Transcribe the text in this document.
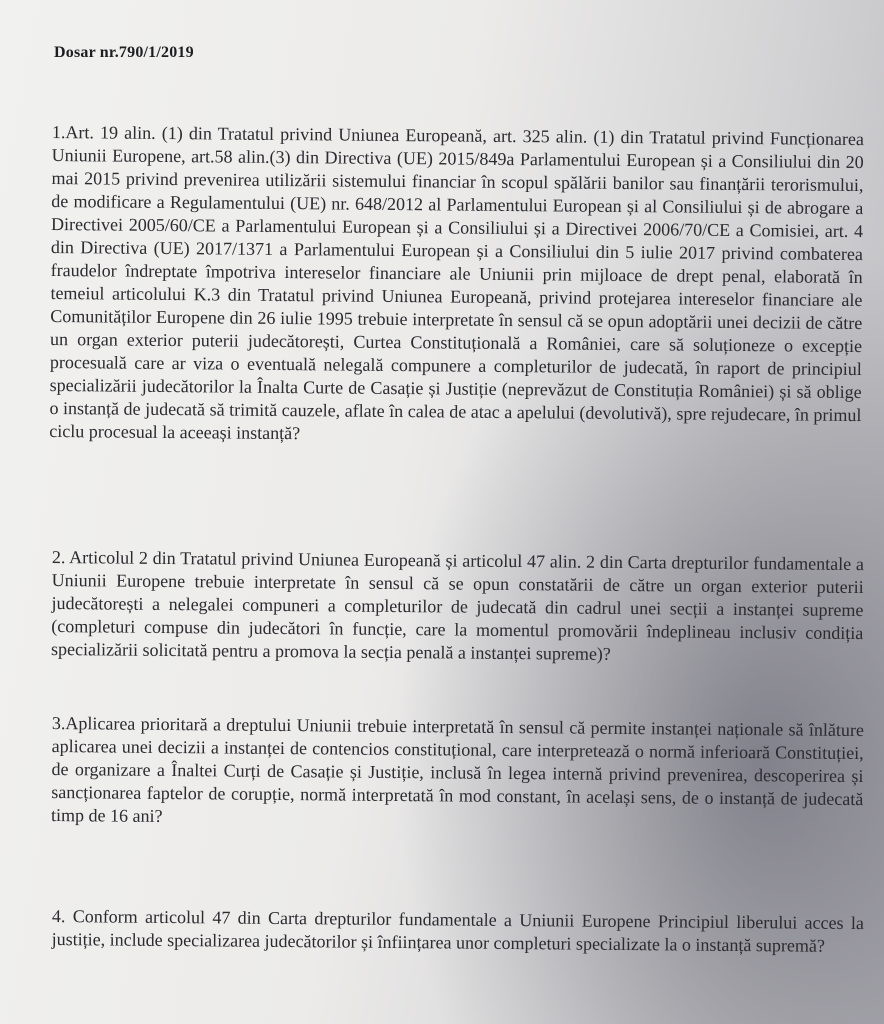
Dosar nr.790/1/2019

1.Art. 19 alin. (1) din Tratatul privind Uniunea Europeană, art. 325 alin. (1) din Tratatul privind Funcționarea Uniunii Europene, art.58 alin.(3) din Directiva (UE) 2015/849a Parlamentului European și a Consiliului din 20 mai 2015 privind prevenirea utilizării sistemului financiar în scopul spălării banilor sau finanțării terorismului, de modificare a Regulamentului (UE) nr. 648/2012 al Parlamentului European și al Consiliului și de abrogare a Directivei 2005/60/CE a Parlamentului European și a Consiliului și a Directivei 2006/70/CE a Comisiei, art. 4 din Directiva (UE) 2017/1371 a Parlamentului European și a Consiliului din 5 iulie 2017 privind combaterea fraudelor îndreptate împotriva intereselor financiare ale Uniunii prin mijloace de drept penal, elaborată în temeiul articolului K.3 din Tratatul privind Uniunea Europeană, privind protejarea intereselor financiare ale Comunităților Europene din 26 iulie 1995 trebuie interpretate în sensul că se opun adoptării unei decizii de către un organ exterior puterii judecătorești, Curtea Constituțională a României, care să soluționeze o excepție procesuală care ar viza o eventuală nelegală compunere a completurilor de judecată, în raport de principiul specializării judecătorilor la Înalta Curte de Casație și Justiție (neprevăzut de Constituția României) și să oblige o instanță de judecată să trimită cauzele, aflate în calea de atac a apelului (devolutivă), spre rejudecare, în primul ciclu procesual la aceeași instanță?

2. Articolul 2 din Tratatul privind Uniunea Europeană și articolul 47 alin. 2 din Carta drepturilor fundamentale a Uniunii Europene trebuie interpretate în sensul că se opun constatării de către un organ exterior puterii judecătorești a nelegalei compuneri a completurilor de judecată din cadrul unei secții a instanței supreme (completuri compuse din judecători în funcție, care la momentul promovării îndeplineau inclusiv condiția specializării solicitată pentru a promova la secția penală a instanței supreme)?

3.Aplicarea prioritară a dreptului Uniunii trebuie interpretată în sensul că permite instanței naționale să înlăture aplicarea unei decizii a instanței de contencios constituțional, care interpretează o normă inferioară Constituției, de organizare a Înaltei Curți de Casație și Justiție, inclusă în legea internă privind prevenirea, descoperirea și sancționarea faptelor de corupție, normă interpretată în mod constant, în același sens, de o instanță de judecată timp de 16 ani?

4. Conform articolul 47 din Carta drepturilor fundamentale a Uniunii Europene Principiul liberului acces la justiție, include specializarea judecătorilor și înființarea unor completuri specializate la o instanță supremă?
